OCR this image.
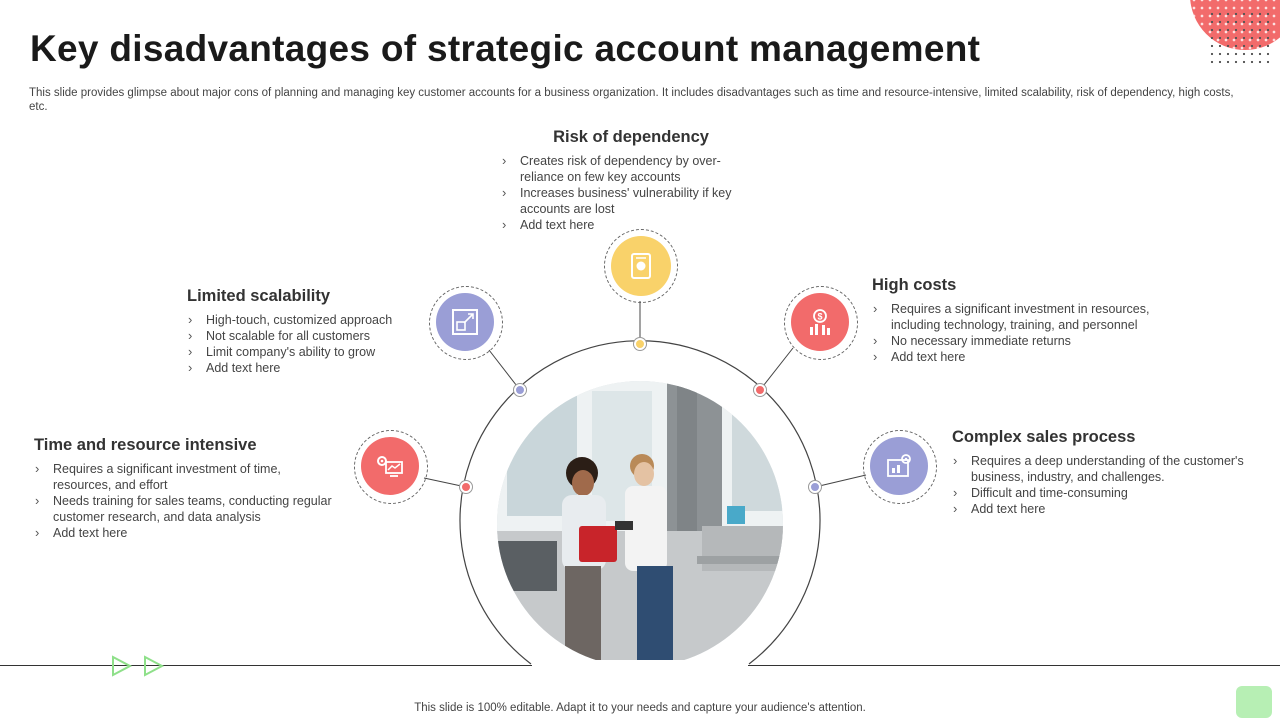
Key disadvantages of strategic account management

This slide provides glimpse about major cons of planning and managing key customer accounts for a business organization. It includes disadvantages such as time and resource-intensive, limited scalability, risk of dependency, high costs, etc.

$
Risk of dependency
› Creates risk of dependency by over-reliance on few key accounts
› Increases business' vulnerability if key accounts are lost
› Add text here
Limited scalability
› High-touch, customized approach
› Not scalable for all customers
› Limit company's ability to grow
› Add text here
High costs
› Requires a significant investment in resources, including technology, training, and personnel
› No necessary immediate returns
› Add text here
Time and resource intensive
› Requires a significant investment of time, resources, and effort
› Needs training for sales teams, conducting regular customer research, and data analysis
› Add text here
Complex sales process
› Requires a deep understanding of the customer's business, industry, and challenges.
› Difficult and time-consuming
› Add text here
This slide is 100% editable. Adapt it to your needs and capture your audience's attention.
